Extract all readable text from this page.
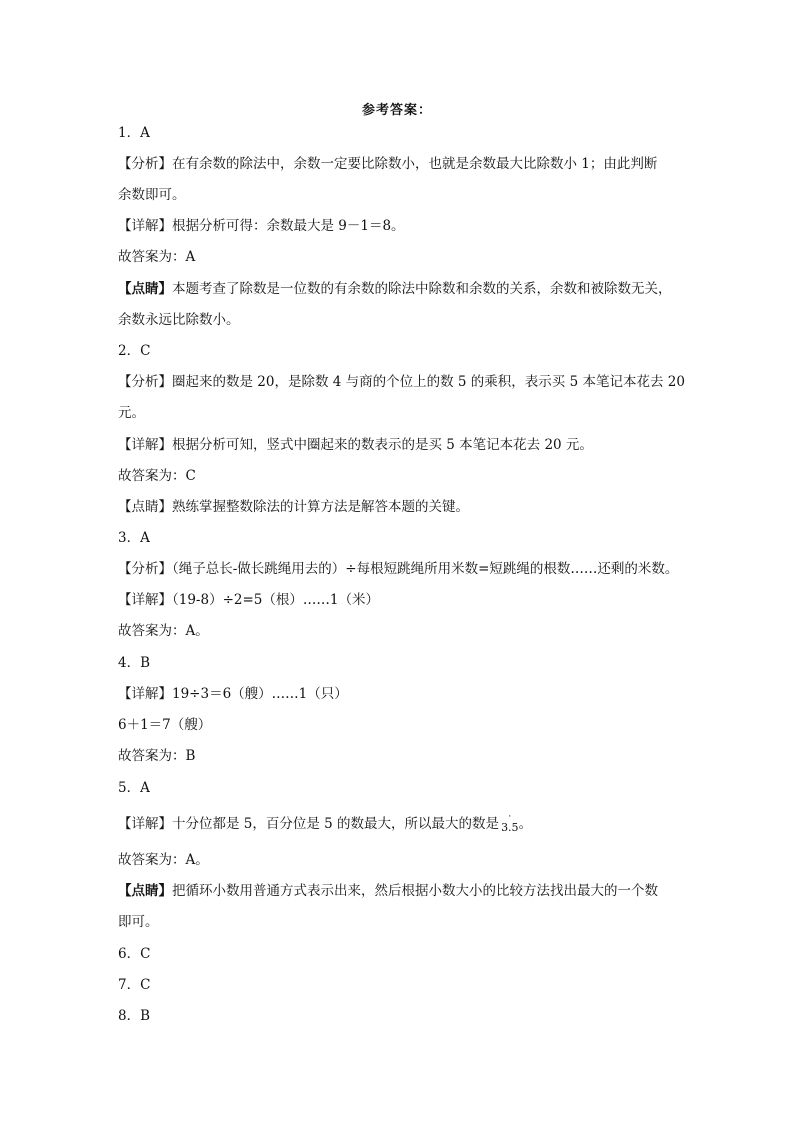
参考答案：
1．A
【分析】在有余数的除法中，余数一定要比除数小，也就是余数最大比除数小 1；由此判断
余数即可。
【详解】根据分析可得：余数最大是 9－1＝8。
故答案为：A
【点睛】本题考查了除数是一位数的有余数的除法中除数和余数的关系，余数和被除数无关，
余数永远比除数小。
2．C
【分析】圈起来的数是 20，是除数 4 与商的个位上的数 5 的乘积，表示买 5 本笔记本花去 20
元。
【详解】根据分析可知，竖式中圈起来的数表示的是买 5 本笔记本花去 20 元。
故答案为：C
【点睛】熟练掌握整数除法的计算方法是解答本题的关键。
3．A
【分析】（绳子总长-做长跳绳用去的）÷每根短跳绳所用米数=短跳绳的根数……还剩的米数。
【详解】（19-8）÷2=5（根）……1（米）
故答案为：A。
4．B
【详解】19÷3＝6（艘）……1（只）
6＋1＝7（艘）
故答案为：B
5．A
【详解】十分位都是 5，百分位是 5 的数最大，所以最大的数是 3.5
· 。
故答案为：A。
【点睛】把循环小数用普通方式表示出来，然后根据小数大小的比较方法找出最大的一个数
即可。
6．C
7．C
8．B
